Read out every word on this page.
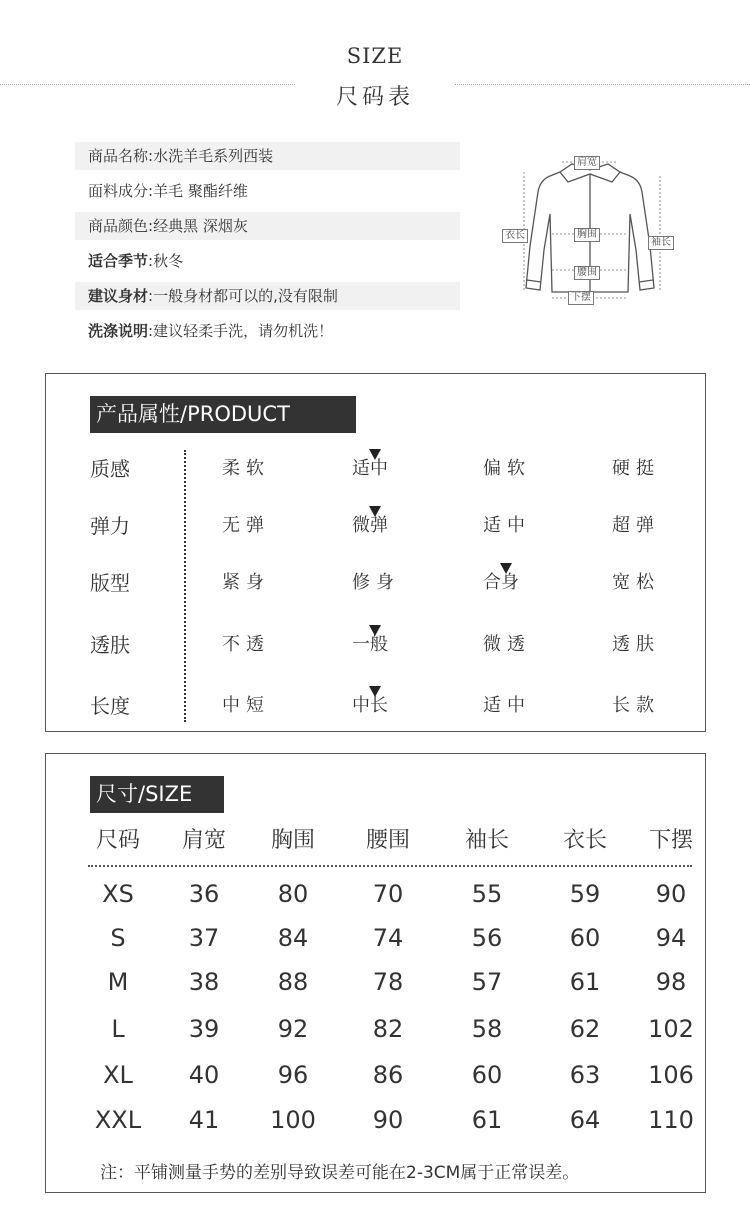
SIZE
尺码表
商品名称:水洗羊毛系列西装
面料成分:羊毛 聚酯纤维
商品颜色:经典黑 深烟灰
适合季节:秋冬
建议身材:一般身材都可以的,没有限制
洗涤说明:建议轻柔手洗，请勿机洗！
肩宽
胸围
腰围
下摆
衣长
袖长
产品属性/PRODUCT
质感	柔软	适中	偏软	硬挺
弹力	无弹	微弹	适中	超弹
版型	紧身	修身	合身	宽松
透肤	不透	一般	微透	透肤
长度	中短	中长	适中	长款
尺寸/SIZE
尺码	肩宽	胸围	腰围	袖长	衣长	下摆
XS	36	80	70	55	59	90
S	37	84	74	56	60	94
M	38	88	78	57	61	98
L	39	92	82	58	62	102
XL	40	96	86	60	63	106
XXL	41	100	90	61	64	110
注：平铺测量手势的差别导致误差可能在2-3CM属于正常误差。
